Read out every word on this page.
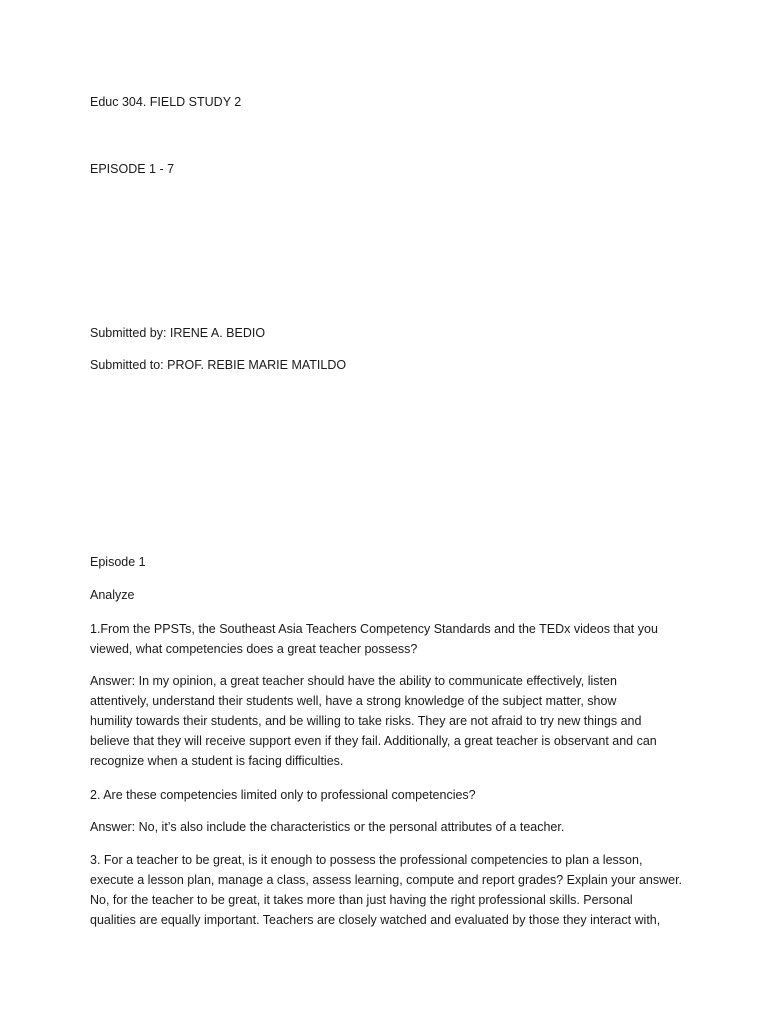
Educ 304. FIELD STUDY 2
EPISODE 1 - 7
Submitted by: IRENE A. BEDIO
Submitted to: PROF. REBIE MARIE MATILDO
Episode 1
Analyze
1.From the PPSTs, the Southeast Asia Teachers Competency Standards and the TEDx videos that you
viewed, what competencies does a great teacher possess?
Answer: In my opinion, a great teacher should have the ability to communicate effectively, listen
attentively, understand their students well, have a strong knowledge of the subject matter, show
humility towards their students, and be willing to take risks. They are not afraid to try new things and
believe that they will receive support even if they fail. Additionally, a great teacher is observant and can
recognize when a student is facing difficulties.
2. Are these competencies limited only to professional competencies?
Answer: No, it’s also include the characteristics or the personal attributes of a teacher.
3. For a teacher to be great, is it enough to possess the professional competencies to plan a lesson,
execute a lesson plan, manage a class, assess learning, compute and report grades? Explain your answer.
No, for the teacher to be great, it takes more than just having the right professional skills. Personal
qualities are equally important. Teachers are closely watched and evaluated by those they interact with,
